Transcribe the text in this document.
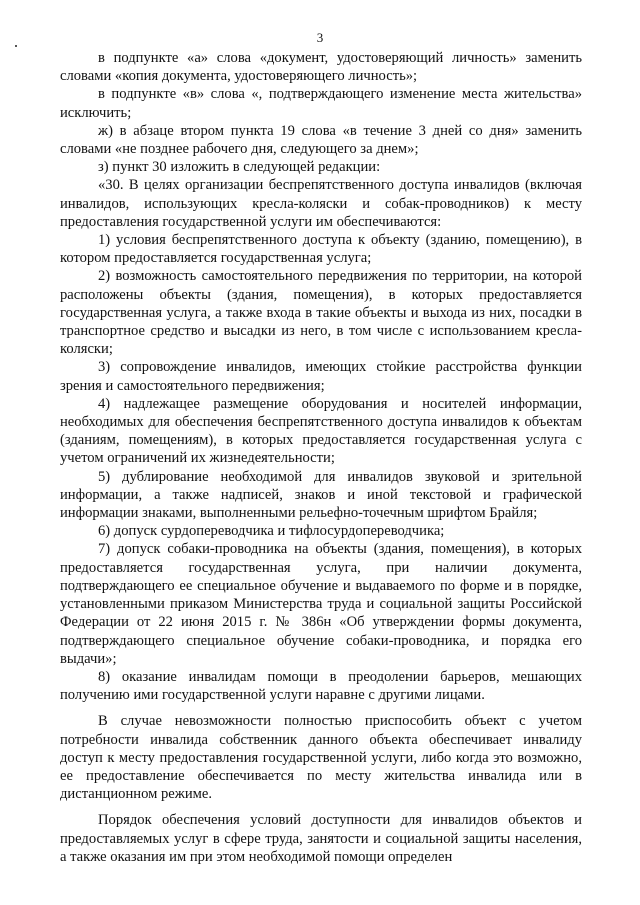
3

в подпункте «а» слова «документ, удостоверяющий личность» заменить словами «копия документа, удостоверяющего личность»;

в подпункте «в» слова «, подтверждающего изменение места жительства» исключить;

ж) в абзаце втором пункта 19 слова «в течение 3 дней со дня» заменить словами «не позднее рабочего дня, следующего за днем»;

з) пункт 30 изложить в следующей редакции:

«30. В целях организации беспрепятственного доступа инвалидов (включая инвалидов, использующих кресла-коляски и собак-проводников) к месту предоставления государственной услуги им обеспечиваются:

1) условия беспрепятственного доступа к объекту (зданию, помещению), в котором предоставляется государственная услуга;

2) возможность самостоятельного передвижения по территории, на которой расположены объекты (здания, помещения), в которых предоставляется государственная услуга, а также входа в такие объекты и выхода из них, посадки в транспортное средство и высадки из него, в том числе с использованием кресла-коляски;

3) сопровождение инвалидов, имеющих стойкие расстройства функции зрения и самостоятельного передвижения;

4) надлежащее размещение оборудования и носителей информации, необходимых для обеспечения беспрепятственного доступа инвалидов к объектам (зданиям, помещениям), в которых предоставляется государственная услуга с учетом ограничений их жизнедеятельности;

5) дублирование необходимой для инвалидов звуковой и зрительной информации, а также надписей, знаков и иной текстовой и графической информации знаками, выполненными рельефно-точечным шрифтом Брайля;

6) допуск сурдопереводчика и тифлосурдопереводчика;

7) допуск собаки-проводника на объекты (здания, помещения), в которых предоставляется государственная услуга, при наличии документа, подтверждающего ее специальное обучение и выдаваемого по форме и в порядке, установленными приказом Министерства труда и социальной защиты Российской Федерации от 22 июня 2015 г. № 386н «Об утверждении формы документа, подтверждающего специальное обучение собаки-проводника, и порядка его выдачи»;

8) оказание инвалидам помощи в преодолении барьеров, мешающих получению ими государственной услуги наравне с другими лицами.

В случае невозможности полностью приспособить объект с учетом потребности инвалида собственник данного объекта обеспечивает инвалиду доступ к месту предоставления государственной услуги, либо когда это возможно, ее предоставление обеспечивается по месту жительства инвалида или в дистанционном режиме.

Порядок обеспечения условий доступности для инвалидов объектов и предоставляемых услуг в сфере труда, занятости и социальной защиты населения, а также оказания им при этом необходимой помощи определен
